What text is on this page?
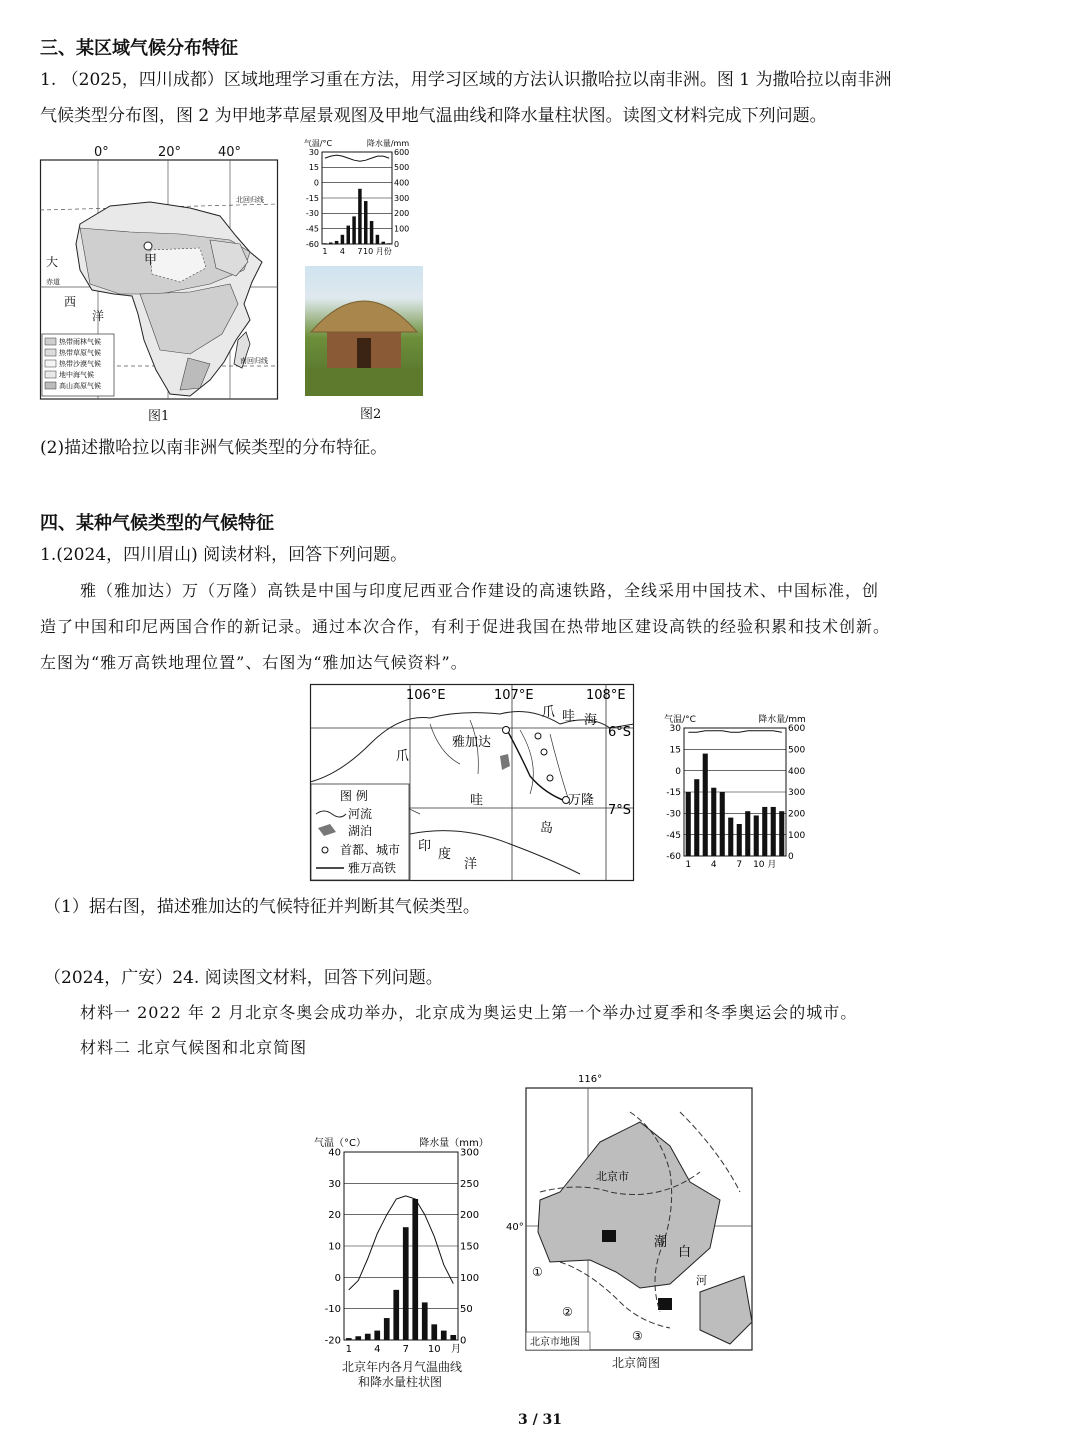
三、某区域气候分布特征
1. （2025，四川成都）区域地理学习重在方法，用学习区域的方法认识撒哈拉以南非洲。图 1 为撒哈拉以南非洲
气候类型分布图，图 2 为甲地茅草屋景观图及甲地气温曲线和降水量柱状图。读图文材料完成下列问题。
.	0°	20°	40°
北回归线
赤道
南回归线
甲
大
西
洋
热带雨林气候
热带草原气候
热带沙漠气候
地中海气候
高山高原气候
图1
30
15
0
-15
-30
-45
-60
600
500
400
300
200
100
0
气温/°C	降水量/mm
1 4 7 10 月份
图2
(2)描述撒哈拉以南非洲气候类型的分布特征。
四、某种气候类型的气候特征
1.(2024，四川眉山) 阅读材料，回答下列问题。
雅（雅加达）万（万隆）高铁是中国与印度尼西亚合作建设的高速铁路，全线采用中国技术、中国标准，创
造了中国和印尼两国合作的新记录。通过本次合作，有利于促进我国在热带地区建设高铁的经验积累和技术创新。
左图为“雅万高铁地理位置”、右图为“雅加达气候资料”。
106°E	107°E	108°E
6°S
7°S
爪 哇 海
爪
哇
岛
印
度
洋
雅加达
万隆
图 例
河流
湖泊
首都、城市
雅万高铁
30
15
0
-15
-30
-45
-60
600
500
400
300
200
100
0
气温/°C	降水量/mm
1 4 7 10 月
（1）据右图，描述雅加达的气候特征并判断其气候类型。
（2024，广安）24. 阅读图文材料，回答下列问题。
材料一 2022 年 2 月北京冬奥会成功举办，北京成为奥运史上第一个举办过夏季和冬季奥运会的城市。
材料二 北京气候图和北京简图
40
30
20
10
0
-10
-20
300
250
200
150
100
50
0
气温（°C）	降水量（mm）
1 4 7 10 月
北京年内各月气温曲线
和降水量柱状图
116°
40°
北京市
潮
白
河
①
②
③
北京市地图
北京简图
3 / 31
